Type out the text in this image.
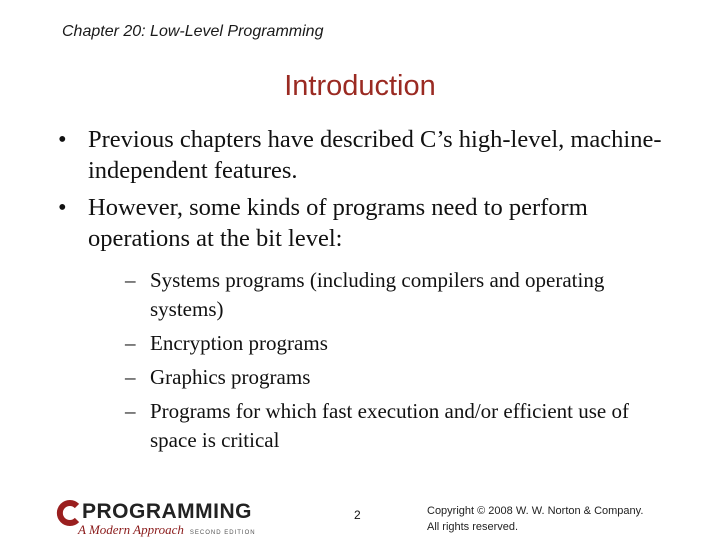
Chapter 20: Low-Level Programming
Introduction
• Previous chapters have described C’s high-level, machine-independent features.
• However, some kinds of programs need to perform operations at the bit level:
– Systems programs (including compilers and operating systems)
– Encryption programs
– Graphics programs
– Programs for which fast execution and/or efficient use of space is critical
PROGRAMMING
A Modern Approach SECOND EDITION
2	Copyright © 2008 W. W. Norton & Company.
All rights reserved.
